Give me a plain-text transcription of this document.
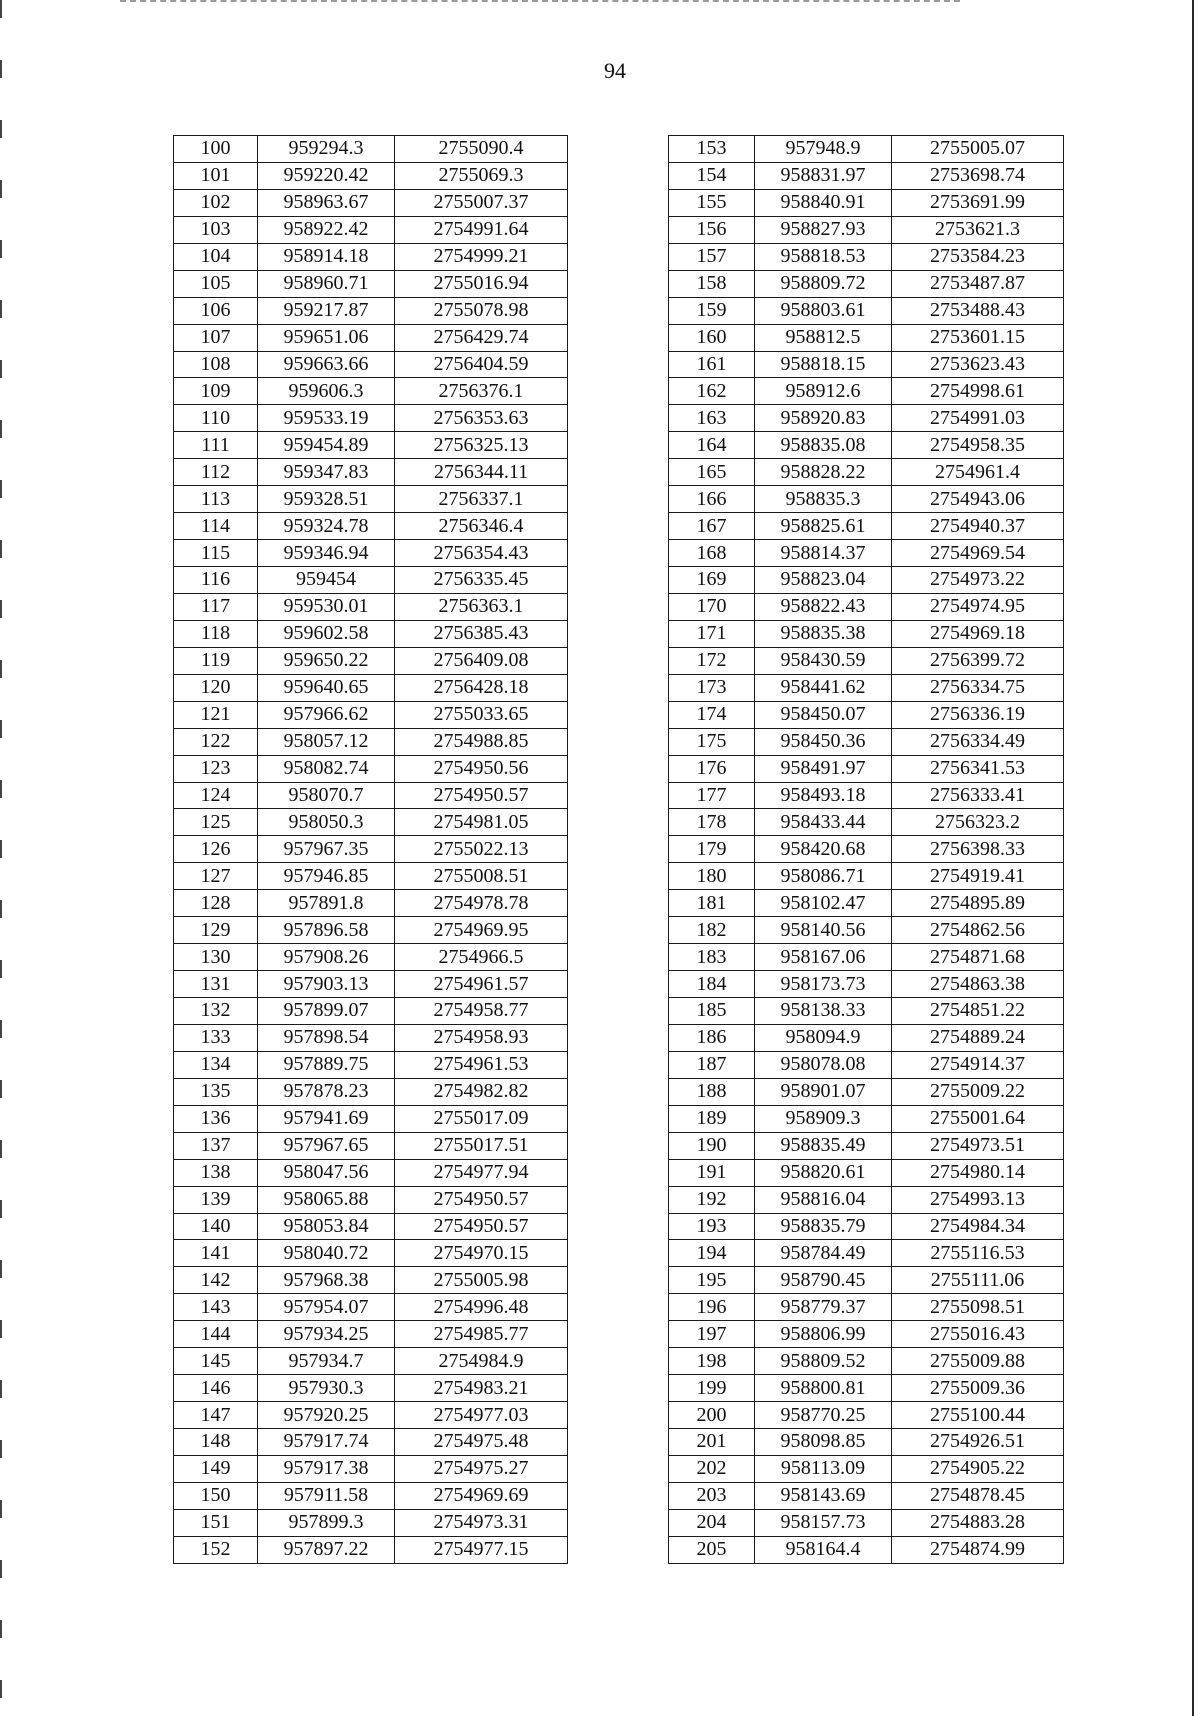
94
100	959294.3	2755090.4
101	959220.42	2755069.3
102	958963.67	2755007.37
103	958922.42	2754991.64
104	958914.18	2754999.21
105	958960.71	2755016.94
106	959217.87	2755078.98
107	959651.06	2756429.74
108	959663.66	2756404.59
109	959606.3	2756376.1
110	959533.19	2756353.63
111	959454.89	2756325.13
112	959347.83	2756344.11
113	959328.51	2756337.1
114	959324.78	2756346.4
115	959346.94	2756354.43
116	959454	2756335.45
117	959530.01	2756363.1
118	959602.58	2756385.43
119	959650.22	2756409.08
120	959640.65	2756428.18
121	957966.62	2755033.65
122	958057.12	2754988.85
123	958082.74	2754950.56
124	958070.7	2754950.57
125	958050.3	2754981.05
126	957967.35	2755022.13
127	957946.85	2755008.51
128	957891.8	2754978.78
129	957896.58	2754969.95
130	957908.26	2754966.5
131	957903.13	2754961.57
132	957899.07	2754958.77
133	957898.54	2754958.93
134	957889.75	2754961.53
135	957878.23	2754982.82
136	957941.69	2755017.09
137	957967.65	2755017.51
138	958047.56	2754977.94
139	958065.88	2754950.57
140	958053.84	2754950.57
141	958040.72	2754970.15
142	957968.38	2755005.98
143	957954.07	2754996.48
144	957934.25	2754985.77
145	957934.7	2754984.9
146	957930.3	2754983.21
147	957920.25	2754977.03
148	957917.74	2754975.48
149	957917.38	2754975.27
150	957911.58	2754969.69
151	957899.3	2754973.31
152	957897.22	2754977.15
153	957948.9	2755005.07
154	958831.97	2753698.74
155	958840.91	2753691.99
156	958827.93	2753621.3
157	958818.53	2753584.23
158	958809.72	2753487.87
159	958803.61	2753488.43
160	958812.5	2753601.15
161	958818.15	2753623.43
162	958912.6	2754998.61
163	958920.83	2754991.03
164	958835.08	2754958.35
165	958828.22	2754961.4
166	958835.3	2754943.06
167	958825.61	2754940.37
168	958814.37	2754969.54
169	958823.04	2754973.22
170	958822.43	2754974.95
171	958835.38	2754969.18
172	958430.59	2756399.72
173	958441.62	2756334.75
174	958450.07	2756336.19
175	958450.36	2756334.49
176	958491.97	2756341.53
177	958493.18	2756333.41
178	958433.44	2756323.2
179	958420.68	2756398.33
180	958086.71	2754919.41
181	958102.47	2754895.89
182	958140.56	2754862.56
183	958167.06	2754871.68
184	958173.73	2754863.38
185	958138.33	2754851.22
186	958094.9	2754889.24
187	958078.08	2754914.37
188	958901.07	2755009.22
189	958909.3	2755001.64
190	958835.49	2754973.51
191	958820.61	2754980.14
192	958816.04	2754993.13
193	958835.79	2754984.34
194	958784.49	2755116.53
195	958790.45	2755111.06
196	958779.37	2755098.51
197	958806.99	2755016.43
198	958809.52	2755009.88
199	958800.81	2755009.36
200	958770.25	2755100.44
201	958098.85	2754926.51
202	958113.09	2754905.22
203	958143.69	2754878.45
204	958157.73	2754883.28
205	958164.4	2754874.99
